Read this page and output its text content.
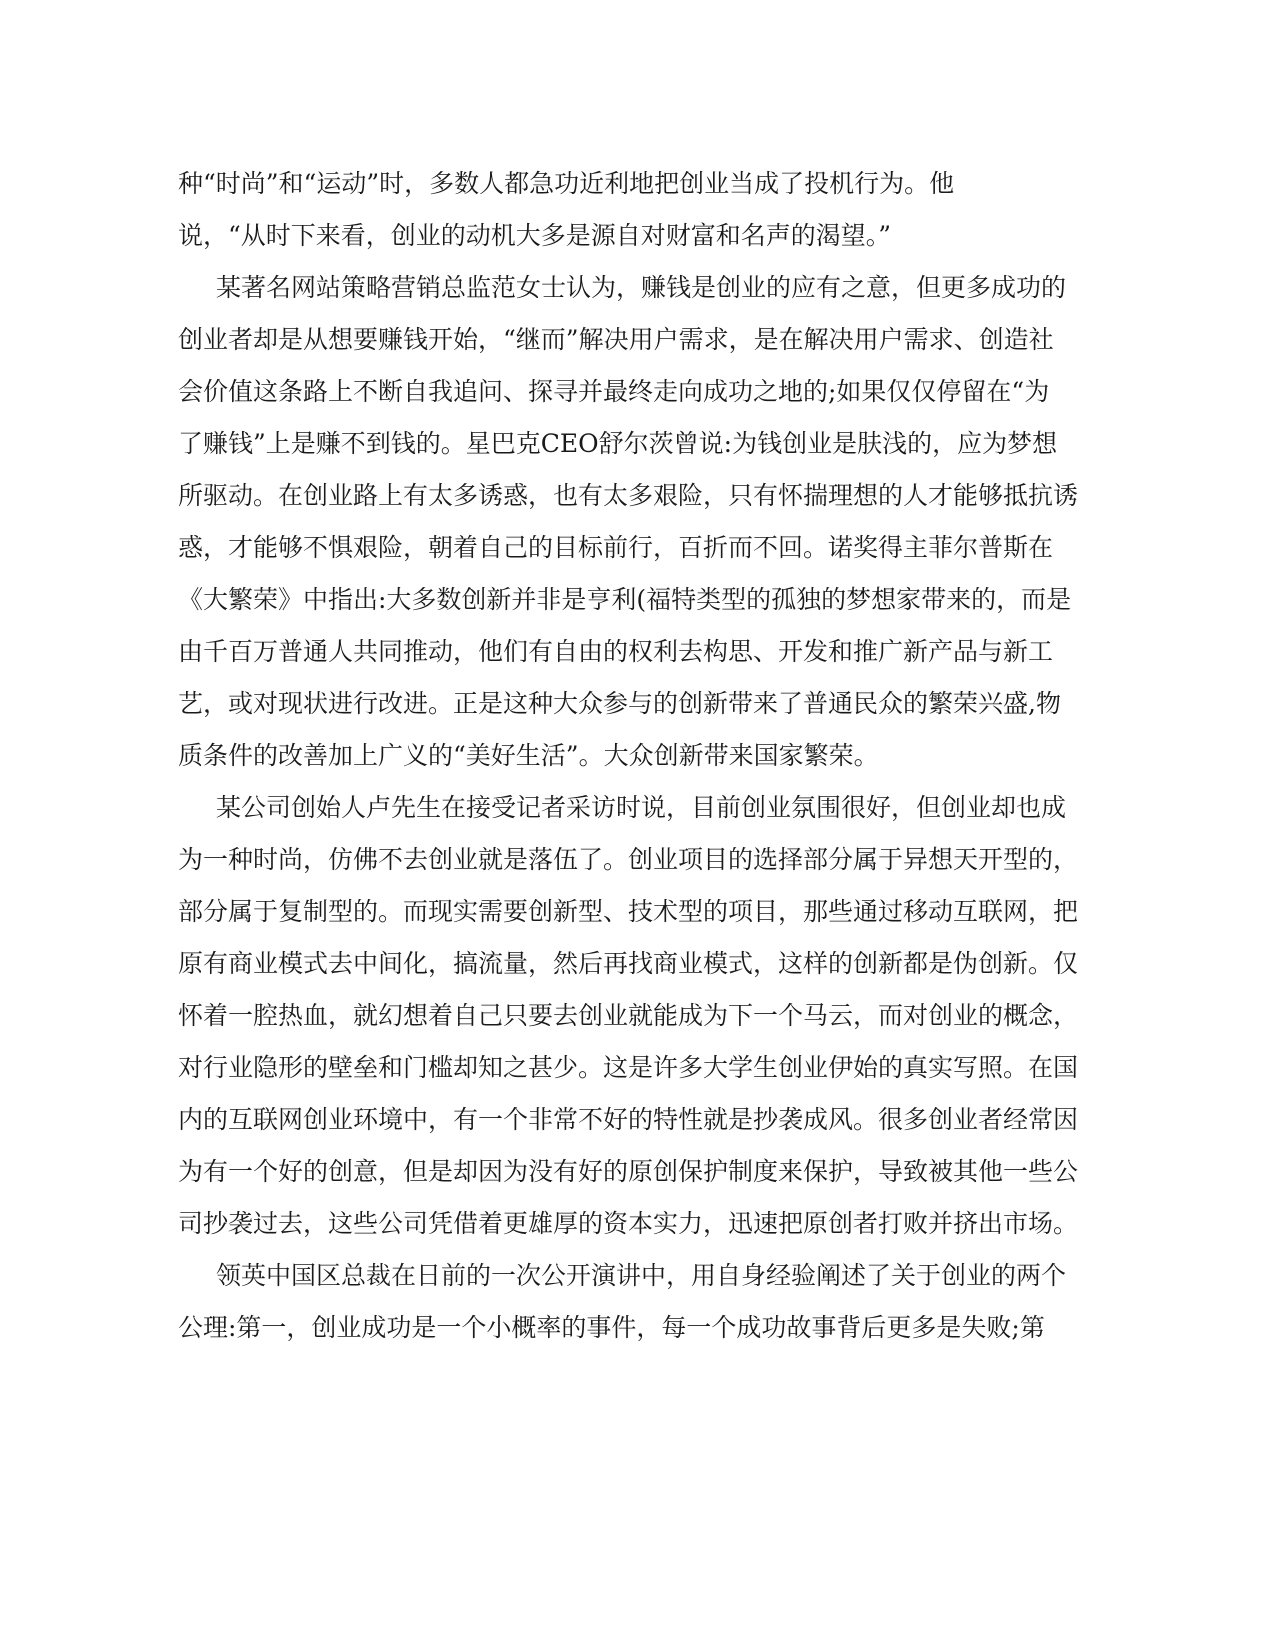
种“时尚”和“运动”时，多数人都急功近利地把创业当成了投机行为。他

说，“从时下来看，创业的动机大多是源自对财富和名声的渴望。”

某著名网站策略营销总监范女士认为，赚钱是创业的应有之意，但更多成功的

创业者却是从想要赚钱开始，“继而”解决用户需求，是在解决用户需求、创造社

会价值这条路上不断自我追问、探寻并最终走向成功之地的;如果仅仅停留在“为

了赚钱”上是赚不到钱的。星巴克CEO舒尔茨曾说:为钱创业是肤浅的，应为梦想

所驱动。在创业路上有太多诱惑，也有太多艰险，只有怀揣理想的人才能够抵抗诱

惑，才能够不惧艰险，朝着自己的目标前行，百折而不回。诺奖得主菲尔普斯在

《大繁荣》中指出:大多数创新并非是亨利(福特类型的孤独的梦想家带来的，而是

由千百万普通人共同推动，他们有自由的权利去构思、开发和推广新产品与新工

艺，或对现状进行改进。正是这种大众参与的创新带来了普通民众的繁荣兴盛,物

质条件的改善加上广义的“美好生活”。大众创新带来国家繁荣。

某公司创始人卢先生在接受记者采访时说，目前创业氛围很好，但创业却也成

为一种时尚，仿佛不去创业就是落伍了。创业项目的选择部分属于异想天开型的，

部分属于复制型的。而现实需要创新型、技术型的项目，那些通过移动互联网，把

原有商业模式去中间化，搞流量，然后再找商业模式，这样的创新都是伪创新。仅

怀着一腔热血，就幻想着自己只要去创业就能成为下一个马云，而对创业的概念，

对行业隐形的壁垒和门槛却知之甚少。这是许多大学生创业伊始的真实写照。在国

内的互联网创业环境中，有一个非常不好的特性就是抄袭成风。很多创业者经常因

为有一个好的创意，但是却因为没有好的原创保护制度来保护，导致被其他一些公

司抄袭过去，这些公司凭借着更雄厚的资本实力，迅速把原创者打败并挤出市场。

领英中国区总裁在日前的一次公开演讲中，用自身经验阐述了关于创业的两个

公理:第一，创业成功是一个小概率的事件，每一个成功故事背后更多是失败;第
